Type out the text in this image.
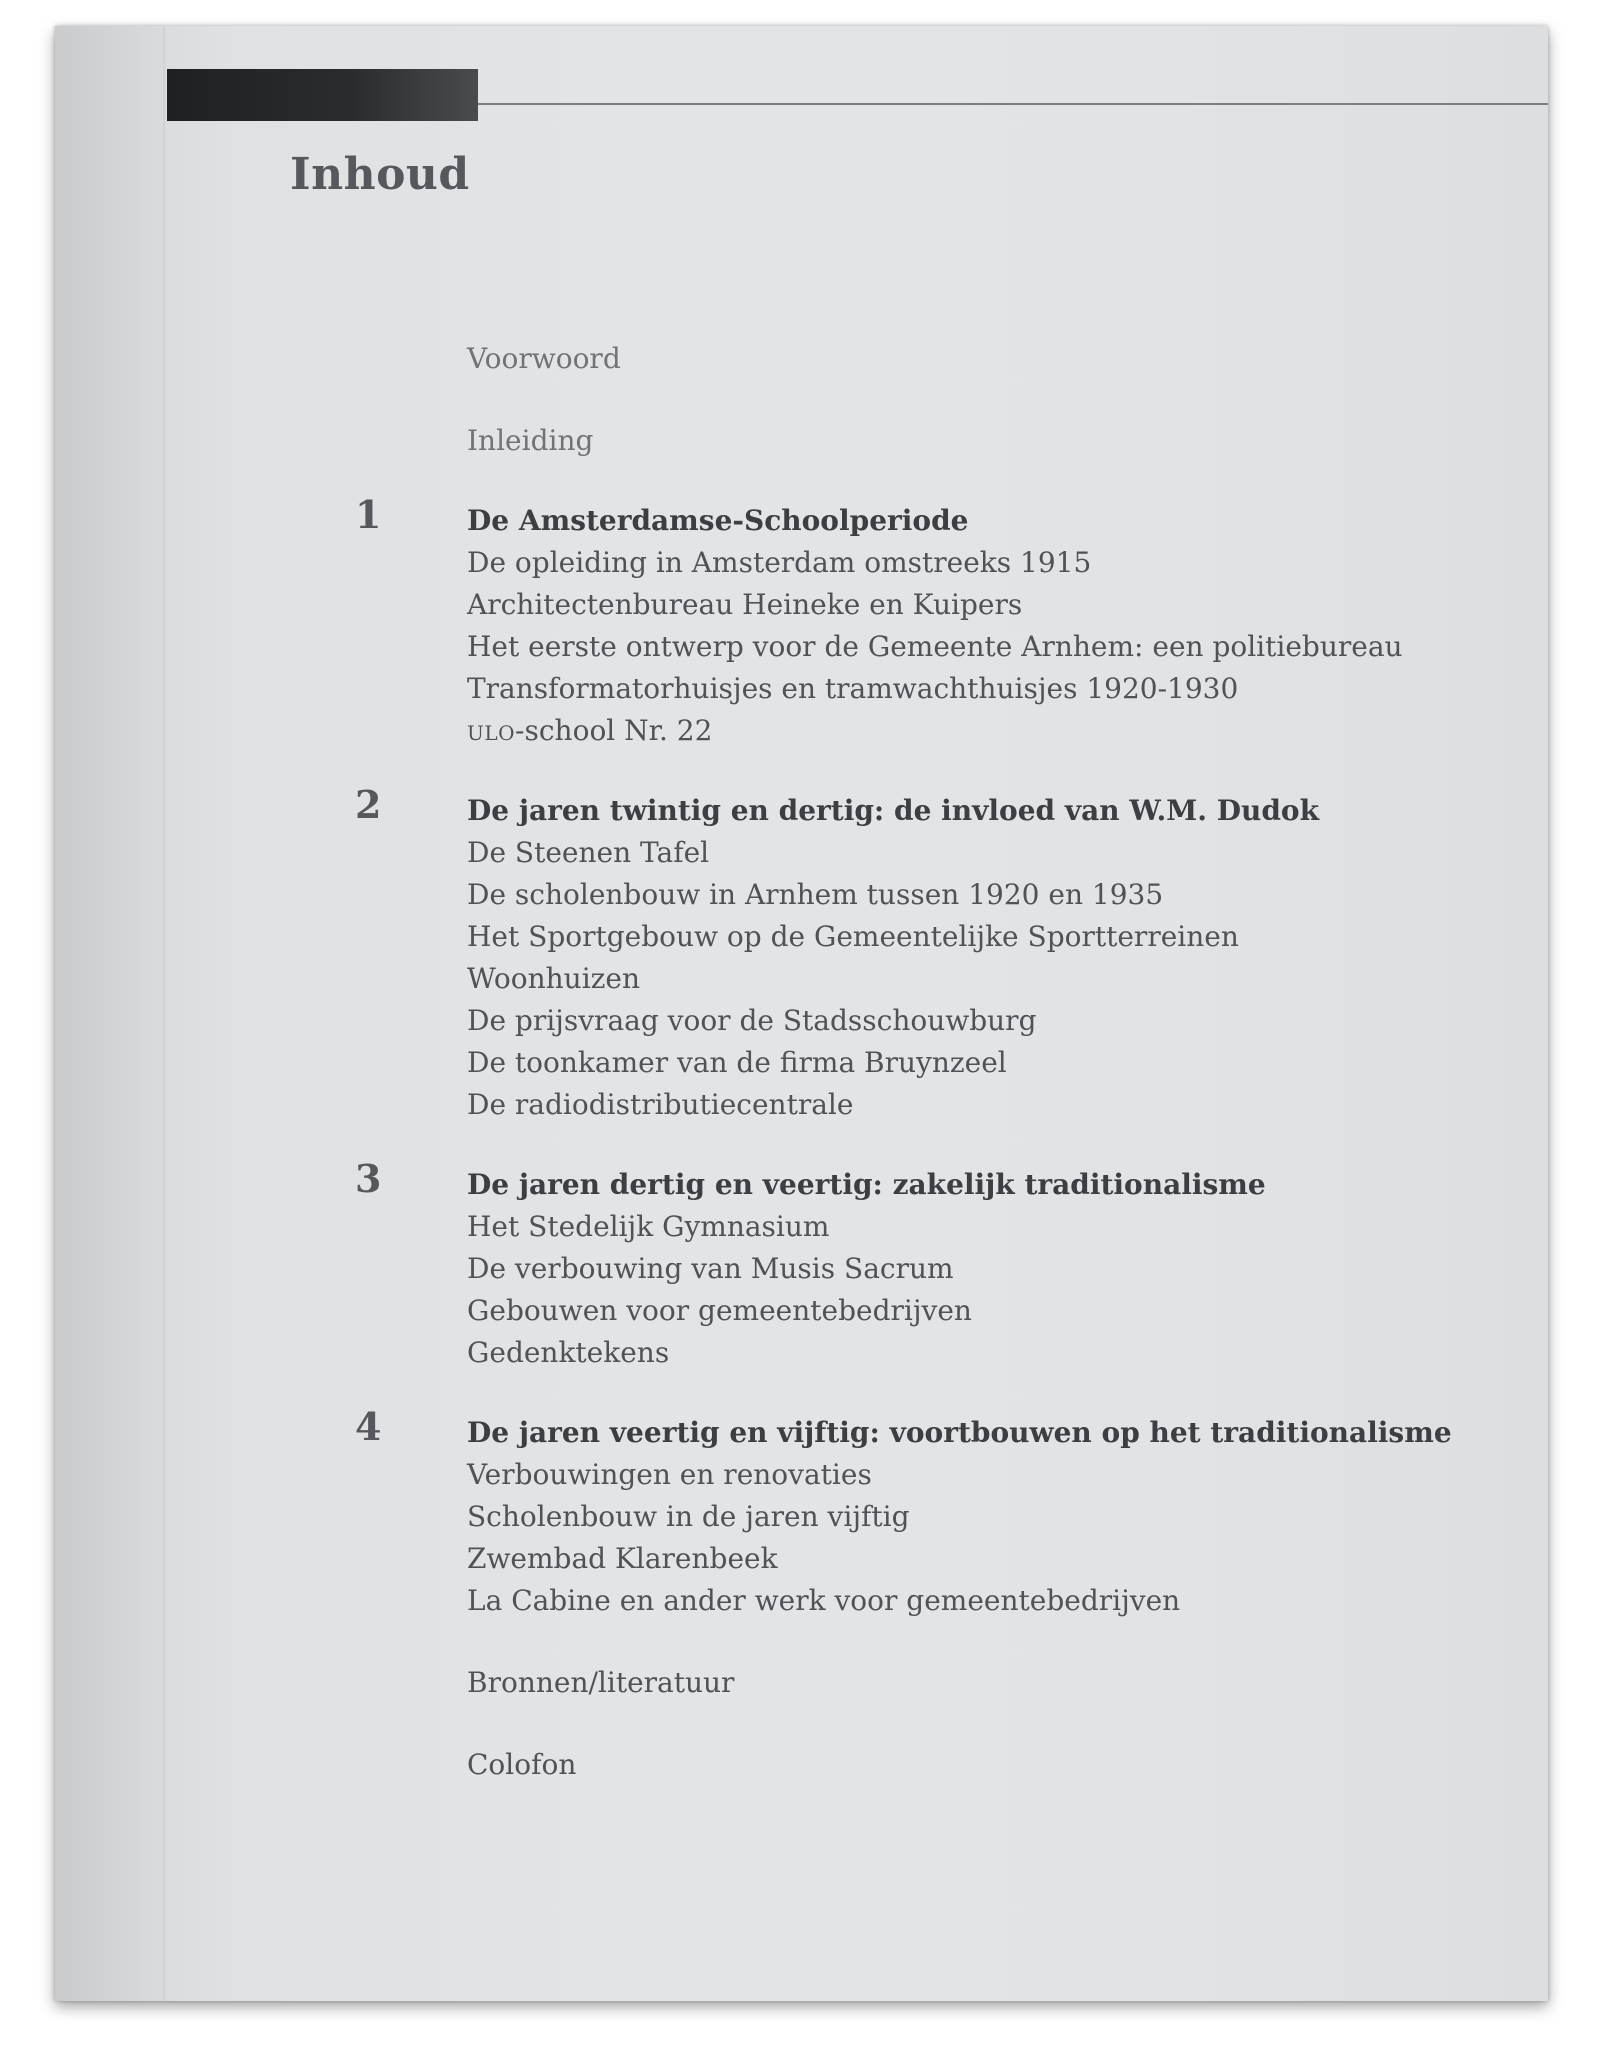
Inhoud
Voorwoord
Inleiding
1	De Amsterdamse-Schoolperiode
De opleiding in Amsterdam omstreeks 1915
Architectenbureau Heineke en Kuipers
Het eerste ontwerp voor de Gemeente Arnhem: een politiebureau
Transformatorhuisjes en tramwachthuisjes 1920-1930
ulo-school Nr. 22
2	De jaren twintig en dertig: de invloed van W.M. Dudok
De Steenen Tafel
De scholenbouw in Arnhem tussen 1920 en 1935
Het Sportgebouw op de Gemeentelijke Sportterreinen
Woonhuizen
De prijsvraag voor de Stadsschouwburg
De toonkamer van de firma Bruynzeel
De radiodistributiecentrale
3	De jaren dertig en veertig: zakelijk traditionalisme
Het Stedelijk Gymnasium
De verbouwing van Musis Sacrum
Gebouwen voor gemeentebedrijven
Gedenktekens
4	De jaren veertig en vijftig: voortbouwen op het traditionalisme
Verbouwingen en renovaties
Scholenbouw in de jaren vijftig
Zwembad Klarenbeek
La Cabine en ander werk voor gemeentebedrijven
Bronnen/literatuur
Colofon
